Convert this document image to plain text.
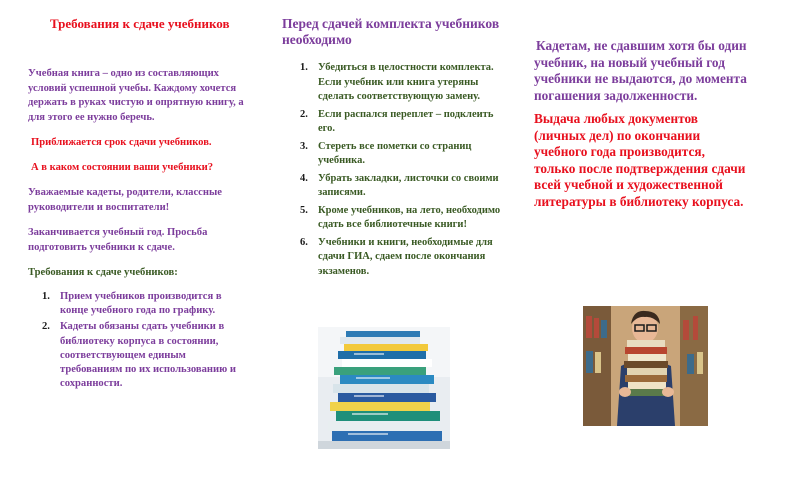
Требования к сдаче учебников

Учебная книга – одно из составляющих условий успешной учебы. Каждому хочется держать в руках чистую и опрятную книгу, а для этого ее нужно беречь.

Приближается срок сдачи учебников.

А в каком состоянии ваши учебники?

Уважаемые кадеты, родители, классные руководители и воспитатели!

Заканчивается учебный год. Просьба подготовить учебники к сдаче.

Требования к сдаче учебников:

1. Прием учебников производится в конце учебного года по графику.
2. Кадеты обязаны сдать учебники в библиотеку корпуса в состоянии, соответствующем единым требованиям по их использованию и сохранности.
Перед сдачей комплекта учебников необходимо
1. Убедиться в целостности комплекта. Если учебник или книга утеряны сделать соответствующую замену.
2. Если распался переплет – подклеить его.
3. Стереть все пометки со страниц учебника.
4. Убрать закладки, листочки со своими записями.
5. Кроме учебников, на лето, необходимо сдать все библиотечные книги!
6. Учебники и книги, необходимые для сдачи ГИА, сдаем после окончания экзаменов.

Кадетам, не сдавшим хотя бы один учебник, на новый учебный год учебники не выдаются, до момента погашения задолженности.

Выдача любых документов (личных дел) по окончании учебного года производится, только после подтверждения сдачи всей учебной и художественной литературы в библиотеку корпуса.
